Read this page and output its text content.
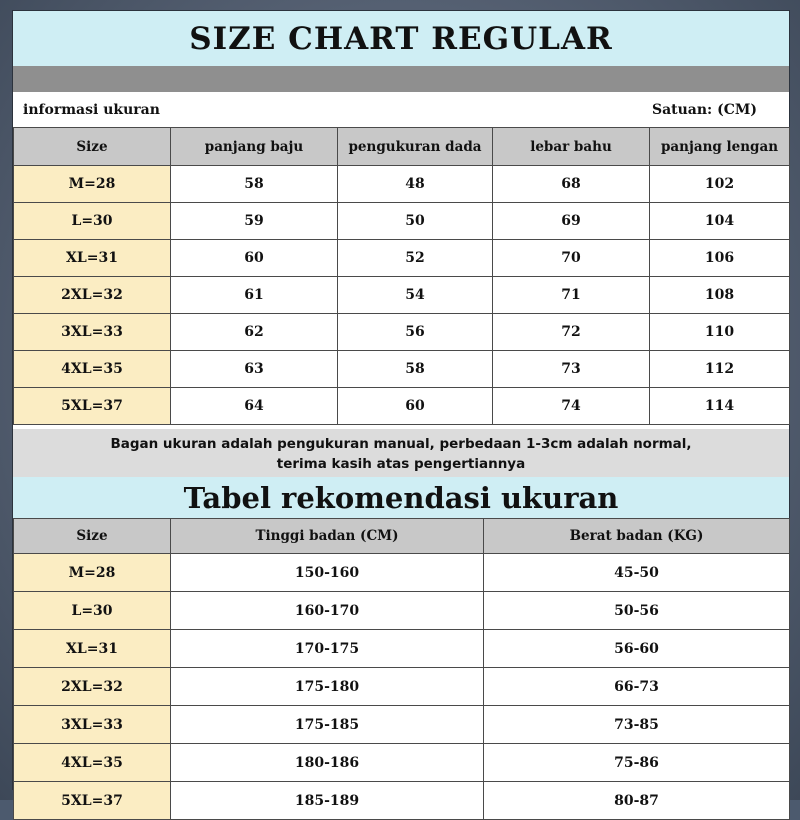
SIZE CHART REGULAR
informasi ukuran	Satuan: (CM)
Size	panjang baju	pengukuran dada	lebar bahu	panjang lengan
M=28	58	48	68	102
L=30	59	50	69	104
XL=31	60	52	70	106
2XL=32	61	54	71	108
3XL=33	62	56	72	110
4XL=35	63	58	73	112
5XL=37	64	60	74	114
Bagan ukuran adalah pengukuran manual, perbedaan 1-3cm adalah normal,
terima kasih atas pengertiannya
Tabel rekomendasi ukuran
Size	Tinggi badan (CM)	Berat badan (KG)
M=28	150-160	45-50
L=30	160-170	50-56
XL=31	170-175	56-60
2XL=32	175-180	66-73
3XL=33	175-185	73-85
4XL=35	180-186	75-86
5XL=37	185-189	80-87
